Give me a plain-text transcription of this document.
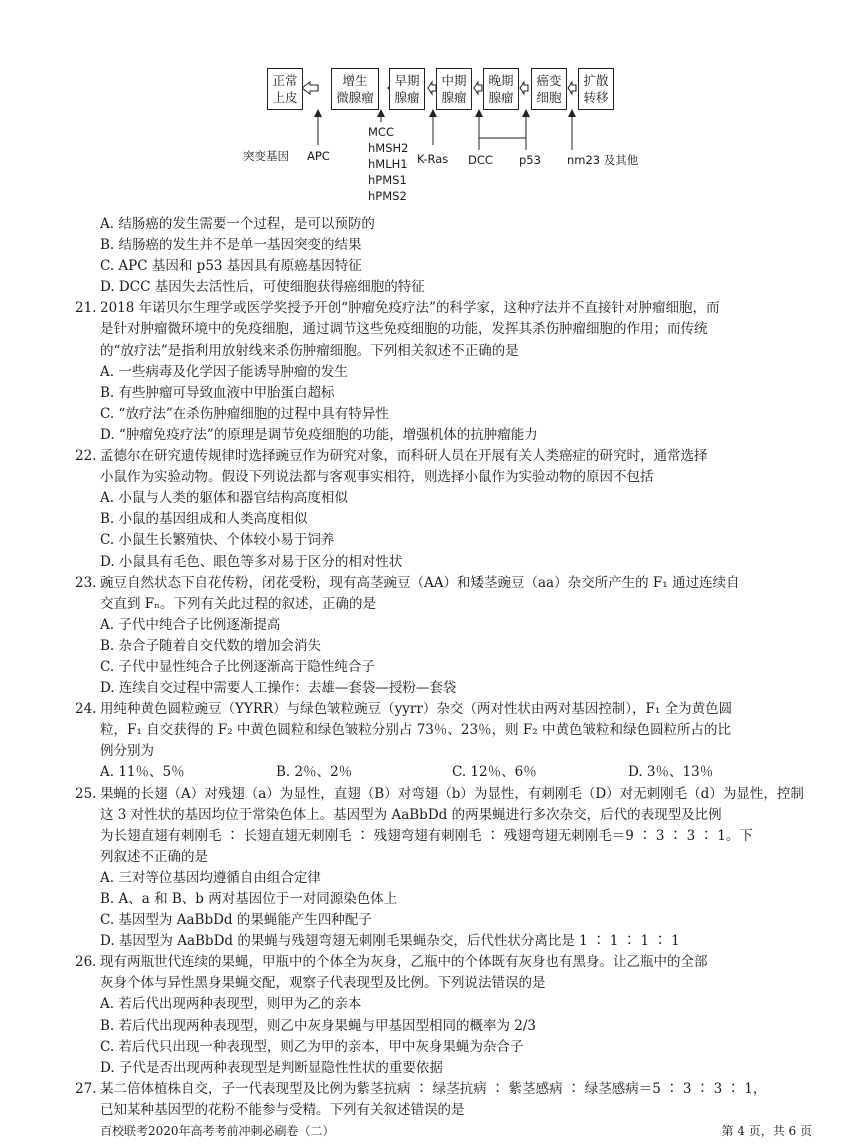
正常
上皮
增生
微腺瘤
早期
腺瘤
中期
腺瘤
晚期
腺瘤
癌变
细胞
扩散
转移
突变基因 APC
MCC
hMSH2
hMLH1
hPMS1
hPMS2
K-Ras DCC p53 nm23 及其他

A. 结肠癌的发生需要一个过程，是可以预防的

B. 结肠癌的发生并不是单一基因突变的结果

C. APC 基因和 p53 基因具有原癌基因特征

D. DCC 基因失去活性后，可使细胞获得癌细胞的特征

21. 2018 年诺贝尔生理学或医学奖授予开创“肿瘤免疫疗法”的科学家，这种疗法并不直接针对肿瘤细胞，而

是针对肿瘤微环境中的免疫细胞，通过调节这些免疫细胞的功能，发挥其杀伤肿瘤细胞的作用；而传统

的“放疗法”是指利用放射线来杀伤肿瘤细胞。下列相关叙述不正确的是

A. 一些病毒及化学因子能诱导肿瘤的发生

B. 有些肿瘤可导致血液中甲胎蛋白超标

C. “放疗法”在杀伤肿瘤细胞的过程中具有特异性

D. “肿瘤免疫疗法”的原理是调节免疫细胞的功能，增强机体的抗肿瘤能力

22. 孟德尔在研究遗传规律时选择豌豆作为研究对象，而科研人员在开展有关人类癌症的研究时，通常选择

小鼠作为实验动物。假设下列说法都与客观事实相符，则选择小鼠作为实验动物的原因不包括

A. 小鼠与人类的躯体和器官结构高度相似

B. 小鼠的基因组成和人类高度相似

C. 小鼠生长繁殖快、个体较小易于饲养

D. 小鼠具有毛色、眼色等多对易于区分的相对性状

23. 豌豆自然状态下自花传粉，闭花受粉，现有高茎豌豆（AA）和矮茎豌豆（aa）杂交所产生的 F₁ 通过连续自

交直到 Fₙ。下列有关此过程的叙述，正确的是

A. 子代中纯合子比例逐渐提高

B. 杂合子随着自交代数的增加会消失

C. 子代中显性纯合子比例逐渐高于隐性纯合子

D. 连续自交过程中需要人工操作：去雄—套袋—授粉—套袋

24. 用纯种黄色圆粒豌豆（YYRR）与绿色皱粒豌豆（yyrr）杂交（两对性状由两对基因控制），F₁ 全为黄色圆

粒，F₁ 自交获得的 F₂ 中黄色圆粒和绿色皱粒分别占 73％、23％，则 F₂ 中黄色皱粒和绿色圆粒所占的比

例分别为

A. 11％、5％	B. 2％、2％	C. 12％、6％	D. 3％、13％

25. 果蝇的长翅（A）对残翅（a）为显性，直翅（B）对弯翅（b）为显性，有刺刚毛（D）对无刺刚毛（d）为显性，控制

这 3 对性状的基因均位于常染色体上。基因型为 AaBbDd 的两果蝇进行多次杂交，后代的表现型及比例

为长翅直翅有刺刚毛 ∶ 长翅直翅无刺刚毛 ∶ 残翅弯翅有刺刚毛 ∶ 残翅弯翅无刺刚毛＝9 ∶ 3 ∶ 3 ∶ 1。下

列叙述不正确的是

A. 三对等位基因均遵循自由组合定律

B. A、a 和 B、b 两对基因位于一对同源染色体上

C. 基因型为 AaBbDd 的果蝇能产生四种配子

D. 基因型为 AaBbDd 的果蝇与残翅弯翅无刺刚毛果蝇杂交，后代性状分离比是 1 ∶ 1 ∶ 1 ∶ 1

26. 现有两瓶世代连续的果蝇，甲瓶中的个体全为灰身，乙瓶中的个体既有灰身也有黑身。让乙瓶中的全部

灰身个体与异性黑身果蝇交配，观察子代表现型及比例。下列说法错误的是

A. 若后代出现两种表现型，则甲为乙的亲本

B. 若后代出现两种表现型，则乙中灰身果蝇与甲基因型相同的概率为 2/3

C. 若后代只出现一种表现型，则乙为甲的亲本，甲中灰身果蝇为杂合子

D. 子代是否出现两种表现型是判断显隐性性状的重要依据

27. 某二倍体植株自交，子一代表现型及比例为紫茎抗病 ∶ 绿茎抗病 ∶ 紫茎感病 ∶ 绿茎感病＝5 ∶ 3 ∶ 3 ∶ 1，

已知某种基因型的花粉不能参与受精。下列有关叙述错误的是

百校联考2020年高考考前冲刺必刷卷（二）	第 4 页，共 6 页
